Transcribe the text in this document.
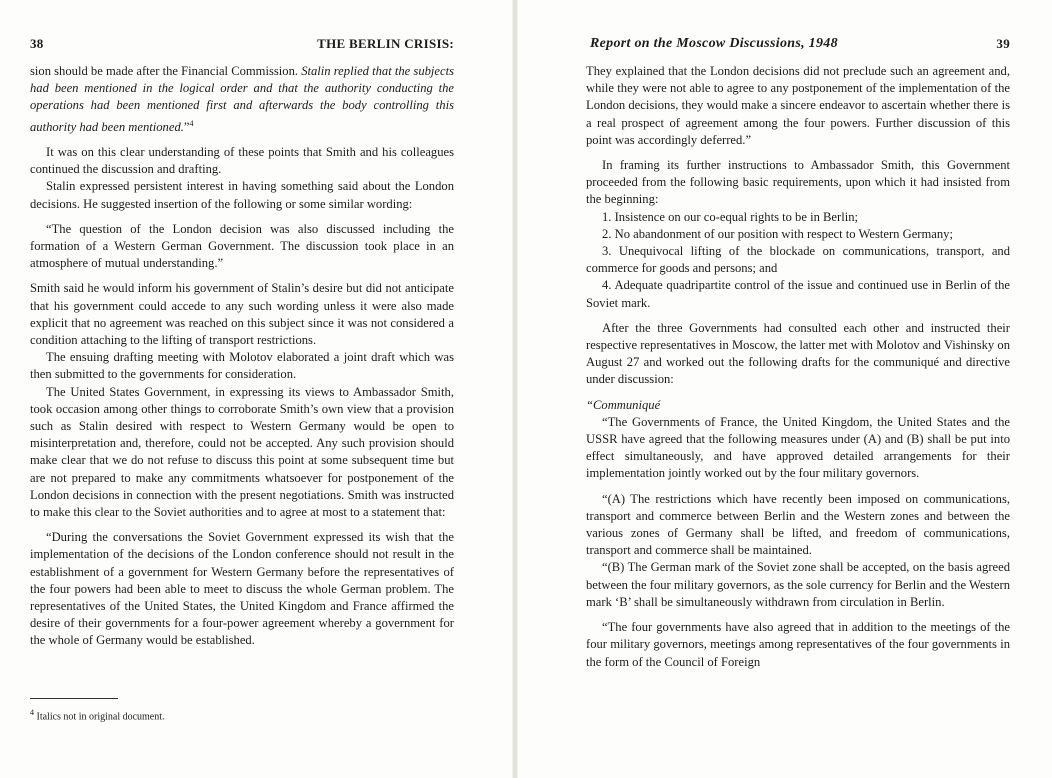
38	THE BERLIN CRISIS:

sion should be made after the Financial Commission. Stalin replied that the subjects had been mentioned in the logical order and that the authority conducting the operations had been mentioned first and afterwards the body controlling this authority had been mentioned.”$^4$

It was on this clear understanding of these points that Smith and his colleagues continued the discussion and drafting.

Stalin expressed persistent interest in having something said about the London decisions. He suggested insertion of the following or some similar wording:

“The question of the London decision was also discussed including the formation of a Western German Government. The discussion took place in an atmosphere of mutual understanding.”

Smith said he would inform his government of Stalin’s desire but did not anticipate that his government could accede to any such wording unless it were also made explicit that no agreement was reached on this subject since it was not considered a condition attaching to the lifting of transport restrictions.

The ensuing drafting meeting with Molotov elaborated a joint draft which was then submitted to the governments for consideration.

The United States Government, in expressing its views to Ambassador Smith, took occasion among other things to corroborate Smith’s own view that a provision such as Stalin desired with respect to Western Germany would be open to misinterpretation and, therefore, could not be accepted. Any such provision should make clear that we do not refuse to discuss this point at some subsequent time but are not prepared to make any commitments whatsoever for postponement of the London decisions in connection with the present negotiations. Smith was instructed to make this clear to the Soviet authorities and to agree at most to a statement that:

“During the conversations the Soviet Government expressed its wish that the implementation of the decisions of the London conference should not result in the establishment of a government for Western Germany before the representatives of the four powers had been able to meet to discuss the whole German problem. The representatives of the United States, the United Kingdom and France affirmed the desire of their governments for a four-power agreement whereby a government for the whole of Germany would be established.

$^4$ Italics not in original document.
Report on the Moscow Discussions, 1948	39

They explained that the London decisions did not preclude such an agreement and, while they were not able to agree to any postponement of the implementation of the London decisions, they would make a sincere endeavor to ascertain whether there is a real prospect of agreement among the four powers. Further discussion of this point was accordingly deferred.”

In framing its further instructions to Ambassador Smith, this Government proceeded from the following basic requirements, upon which it had insisted from the beginning:

1. Insistence on our co-equal rights to be in Berlin;
2. No abandonment of our position with respect to Western Germany;
3. Unequivocal lifting of the blockade on communications, transport, and commerce for goods and persons; and
4. Adequate quadripartite control of the issue and continued use in Berlin of the Soviet mark.

After the three Governments had consulted each other and instructed their respective representatives in Moscow, the latter met with Molotov and Vishinsky on August 27 and worked out the following drafts for the communiqué and directive under discussion:

“Communiqué

“The Governments of France, the United Kingdom, the United States and the USSR have agreed that the following measures under (A) and (B) shall be put into effect simultaneously, and have approved detailed arrangements for their implementation jointly worked out by the four military governors.

“(A) The restrictions which have recently been imposed on communications, transport and commerce between Berlin and the Western zones and between the various zones of Germany shall be lifted, and freedom of communications, transport and commerce shall be maintained.

“(B) The German mark of the Soviet zone shall be accepted, on the basis agreed between the four military governors, as the sole currency for Berlin and the Western mark ‘B’ shall be simultaneously withdrawn from circulation in Berlin.

“The four governments have also agreed that in addition to the meetings of the four military governors, meetings among representatives of the four governments in the form of the Council of Foreign
